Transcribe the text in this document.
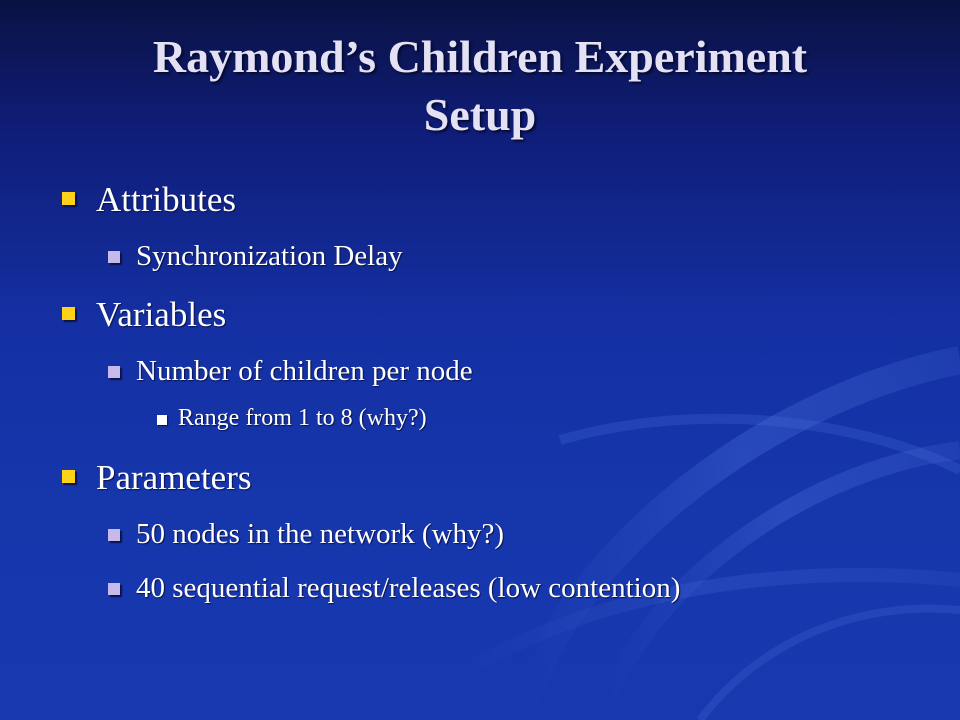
Raymond’s Children Experiment
Setup
Attributes
Synchronization Delay
Variables
Number of children per node
Range from 1 to 8 (why?)
Parameters
50 nodes in the network (why?)
40 sequential request/releases (low contention)
